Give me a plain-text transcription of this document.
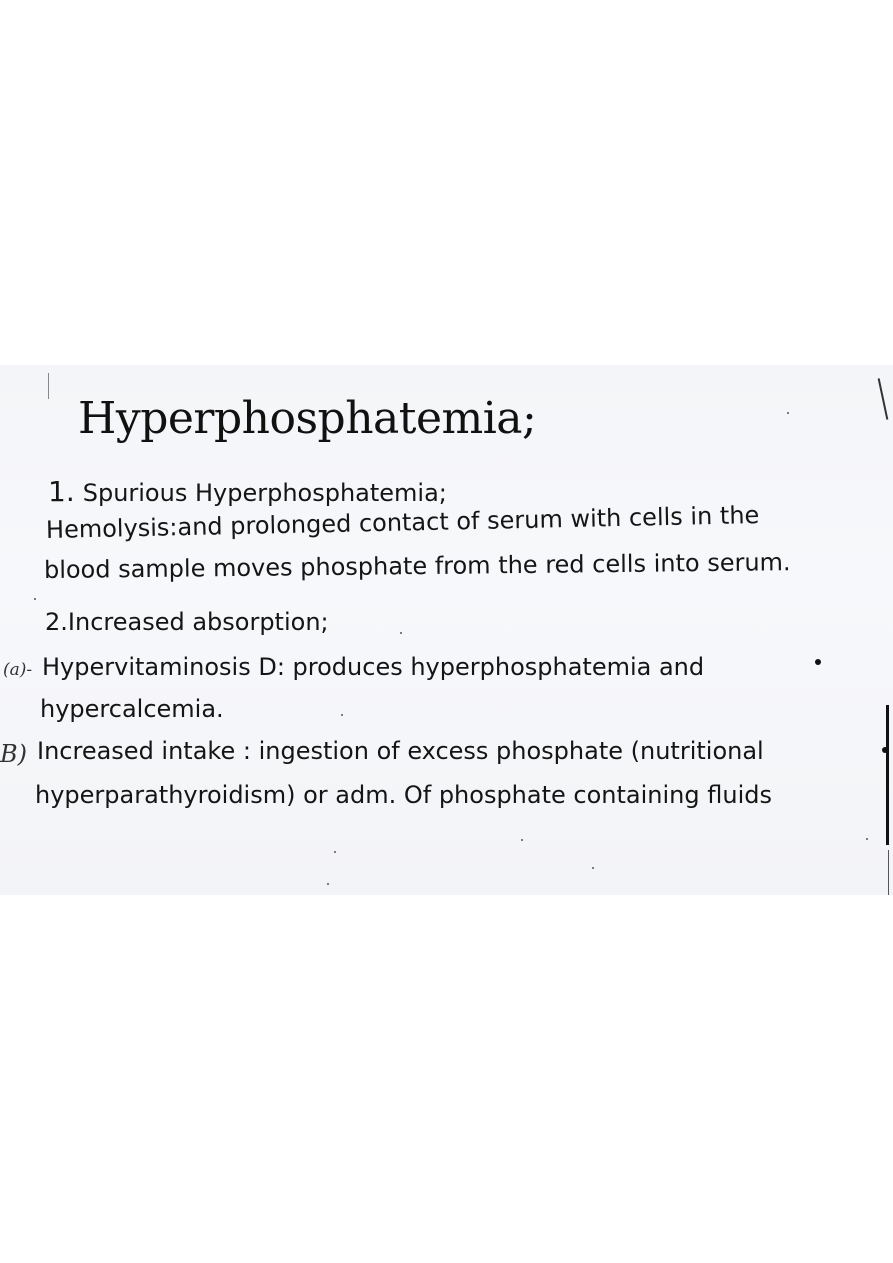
Hyperphosphatemia;
1. Spurious Hyperphosphatemia;
Hemolysis:and prolonged contact of serum with cells in the
blood sample moves phosphate from the red cells into serum.
2.Increased absorption;
(a)- Hypervitaminosis D: produces hyperphosphatemia and
hypercalcemia.
B) Increased intake : ingestion of excess phosphate (nutritional
hyperparathyroidism) or adm. Of phosphate containing fluids
